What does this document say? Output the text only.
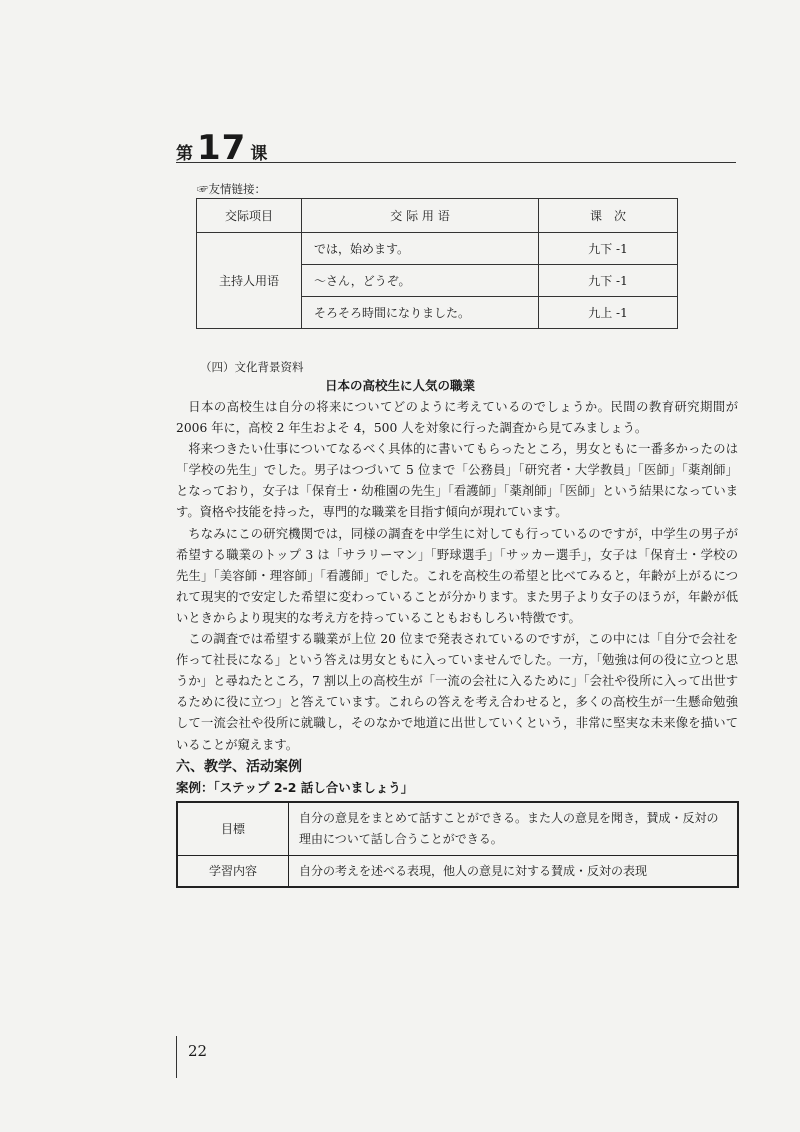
第 17 课
☞友情链接：
交际项目	交 际 用 语	课　次
主持人用语	では，始めます。	九下 -1
	～さん，どうぞ。	九下 -1
	そろそろ時間になりました。	九上 -1
（四）文化背景资料
日本の高校生に人気の職業

日本の高校生は自分の将来についてどのように考えているのでしょうか。民間の教育研究期間が2006 年に，高校 2 年生およそ 4，500 人を対象に行った調査から見てみましょう。

将来つきたい仕事についてなるべく具体的に書いてもらったところ，男女ともに一番多かったのは「学校の先生」でした。男子はつづいて 5 位まで「公務員」「研究者・大学教員」「医師」「薬剤師」となっており，女子は「保育士・幼稚園の先生」「看護師」「薬剤師」「医師」という結果になっています。資格や技能を持った，専門的な職業を目指す傾向が現れています。

ちなみにこの研究機関では，同様の調査を中学生に対しても行っているのですが，中学生の男子が希望する職業のトップ 3 は「サラリーマン」「野球選手」「サッカー選手」，女子は「保育士・学校の先生」「美容師・理容師」「看護師」でした。これを高校生の希望と比べてみると，年齢が上がるにつれて現実的で安定した希望に変わっていることが分かります。また男子より女子のほうが，年齢が低いときからより現実的な考え方を持っていることもおもしろい特徴です。

この調査では希望する職業が上位 20 位まで発表されているのですが，この中には「自分で会社を作って社長になる」という答えは男女ともに入っていませんでした。一方，「勉強は何の役に立つと思うか」と尋ねたところ，7 割以上の高校生が「一流の会社に入るために」「会社や役所に入って出世するために役に立つ」と答えています。これらの答えを考え合わせると，多くの高校生が一生懸命勉強して一流会社や役所に就職し，そのなかで地道に出世していくという，非常に堅実な未来像を描いていることが窺えます。

六、教学、活动案例
案例：「ステップ 2-2 話し合いましょう」
目標	自分の意見をまとめて話すことができる。また人の意見を聞き，賛成・反対の理由について話し合うことができる。
学習内容	自分の考えを述べる表現，他人の意見に対する賛成・反対の表现
22
